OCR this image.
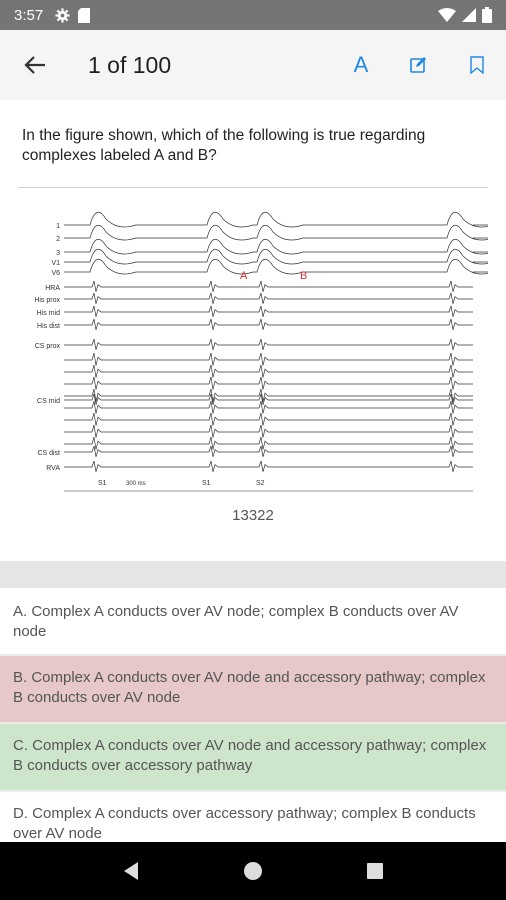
3:57
1 of 100	A
In the figure shown, which of the following is true regarding complexes labeled A and B?
1
2
3
V1
V6
HRA
His prox
His mid
His dist
CS prox
CS mid
CS dist
RVA
A	B
S1	S1	S2
300 ms
13322
A. Complex A conducts over AV node; complex B conducts over AV node
B. Complex A conducts over AV node and accessory pathway; complex B conducts over AV node
C. Complex A conducts over AV node and accessory pathway; complex B conducts over accessory pathway
D. Complex A conducts over accessory pathway; complex B conducts over AV node
